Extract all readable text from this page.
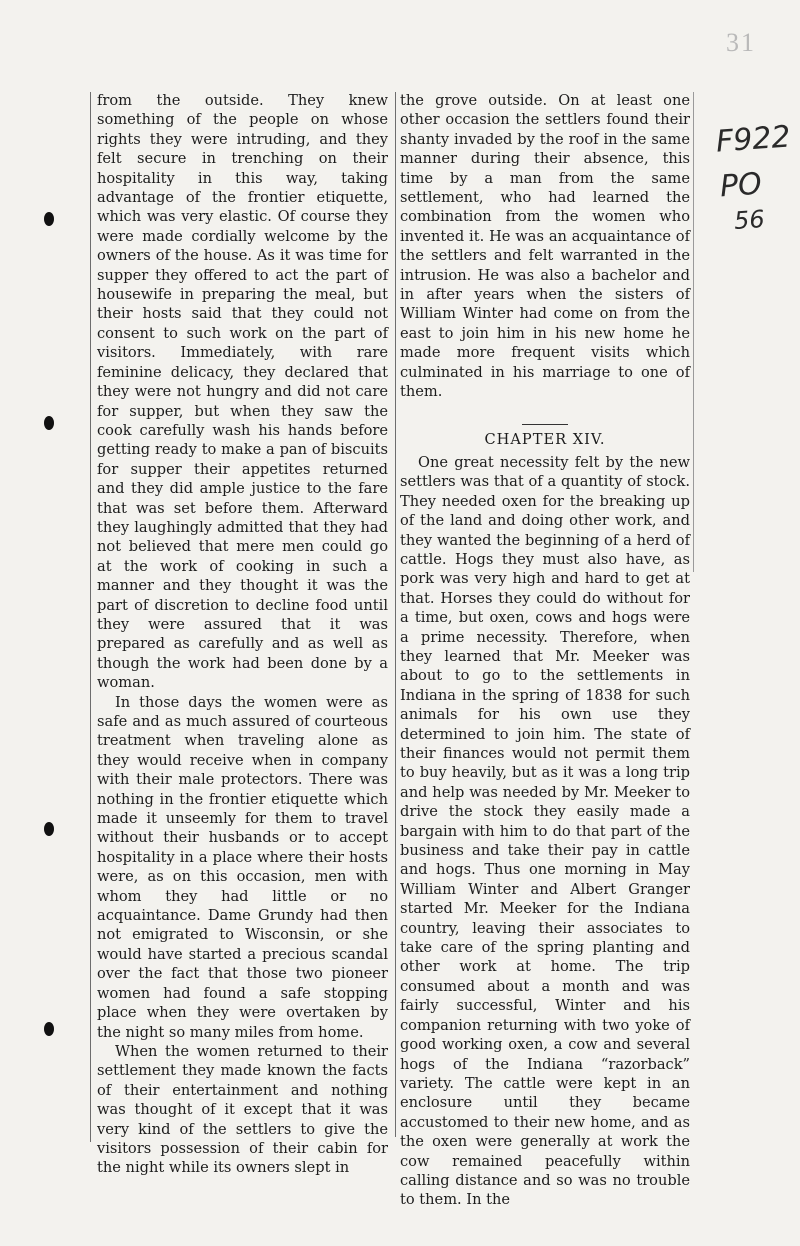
31
F922
PO
56

from the outside. They knew something of the people on whose rights they were intruding, and they felt secure in trenching on their hospitality in this way, taking advantage of the frontier etiquette, which was very elastic. Of course they were made cordially welcome by the owners of the house. As it was time for supper they offered to act the part of housewife in preparing the meal, but their hosts said that they could not consent to such work on the part of visitors. Immediately, with rare feminine delicacy, they declared that they were not hungry and did not care for supper, but when they saw the cook carefully wash his hands before getting ready to make a pan of biscuits for supper their appetites returned and they did ample justice to the fare that was set before them. Afterward they laughingly admitted that they had not believed that mere men could go at the work of cooking in such a manner and they thought it was the part of discretion to decline food until they were assured that it was prepared as carefully and as well as though the work had been done by a woman.

In those days the women were as safe and as much assured of courteous treatment when traveling alone as they would receive when in company with their male protectors. There was nothing in the frontier etiquette which made it unseemly for them to travel without their husbands or to accept hospitality in a place where their hosts were, as on this occasion, men with whom they had little or no acquaintance. Dame Grundy had then not emigrated to Wisconsin, or she would have started a precious scandal over the fact that those two pioneer women had found a safe stopping place when they were overtaken by the night so many miles from home.

When the women returned to their settlement they made known the facts of their entertainment and nothing was thought of it except that it was very kind of the settlers to give the visitors possession of their cabin for the night while its owners slept in

the grove outside. On at least one other occasion the settlers found their shanty invaded by the roof in the same manner during their absence, this time by a man from the same settlement, who had learned the combination from the women who invented it. He was an acquaintance of the settlers and felt warranted in the intrusion. He was also a bachelor and in after years when the sisters of William Winter had come on from the east to join him in his new home he made more frequent visits which culminated in his marriage to one of them.

CHAPTER XIV.

One great necessity felt by the new settlers was that of a quantity of stock. They needed oxen for the breaking up of the land and doing other work, and they wanted the beginning of a herd of cattle. Hogs they must also have, as pork was very high and hard to get at that. Horses they could do without for a time, but oxen, cows and hogs were a prime necessity. Therefore, when they learned that Mr. Meeker was about to go to the settlements in Indiana in the spring of 1838 for such animals for his own use they determined to join him. The state of their finances would not permit them to buy heavily, but as it was a long trip and help was needed by Mr. Meeker to drive the stock they easily made a bargain with him to do that part of the business and take their pay in cattle and hogs. Thus one morning in May William Winter and Albert Granger started Mr. Meeker for the Indiana country, leaving their associates to take care of the spring planting and other work at home. The trip consumed about a month and was fairly successful, Winter and his companion returning with two yoke of good working oxen, a cow and several hogs of the Indiana “razorback” variety. The cattle were kept in an enclosure until they became accustomed to their new home, and as the oxen were generally at work the cow remained peacefully within calling distance and so was no trouble to them. In the
